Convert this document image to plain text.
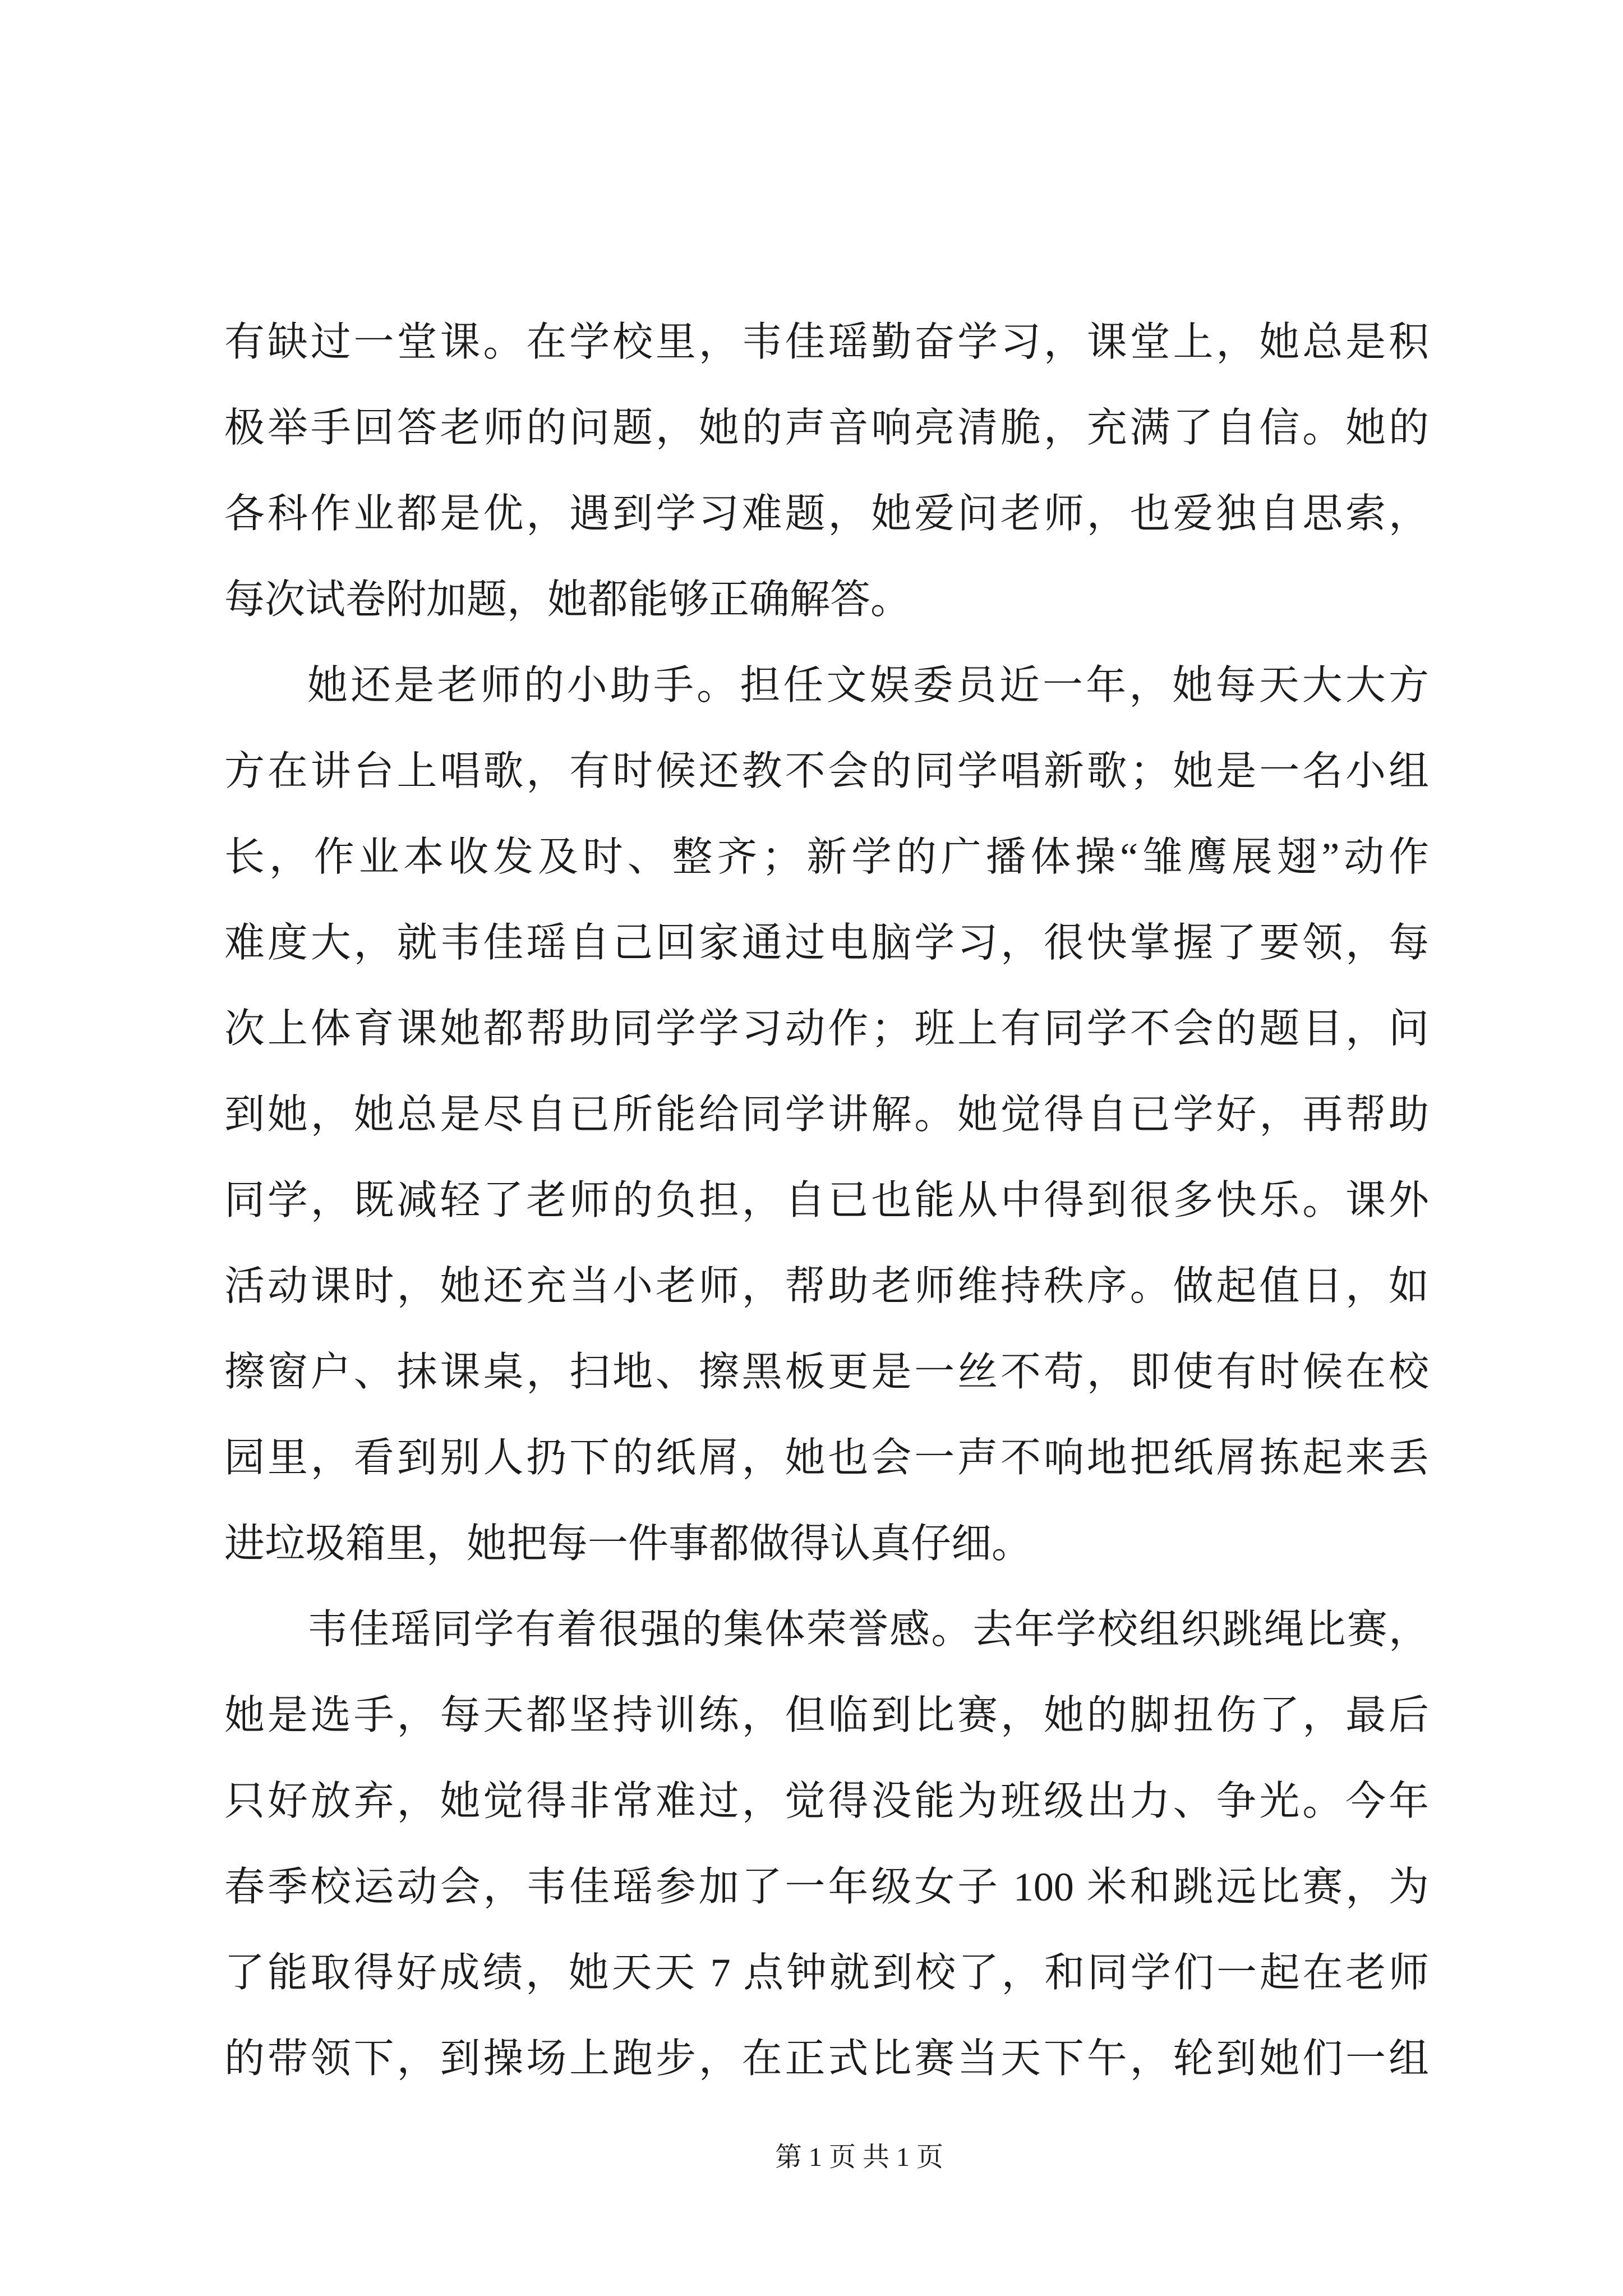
有缺过一堂课。在学校里，韦佳瑶勤奋学习，课堂上，她总是积
极举手回答老师的问题，她的声音响亮清脆，充满了自信。她的
各科作业都是优，遇到学习难题，她爱问老师，也爱独自思索，
每次试卷附加题，她都能够正确解答。
她还是老师的小助手。担任文娱委员近一年，她每天大大方
方在讲台上唱歌，有时候还教不会的同学唱新歌；她是一名小组
长，作业本收发及时、整齐；新学的广播体操“雏鹰展翅”动作
难度大，就韦佳瑶自己回家通过电脑学习，很快掌握了要领，每
次上体育课她都帮助同学学习动作；班上有同学不会的题目，问
到她，她总是尽自已所能给同学讲解。她觉得自已学好，再帮助
同学，既减轻了老师的负担，自已也能从中得到很多快乐。课外
活动课时，她还充当小老师，帮助老师维持秩序。做起值日，如
擦窗户、抹课桌，扫地、擦黑板更是一丝不苟，即使有时候在校
园里，看到别人扔下的纸屑，她也会一声不响地把纸屑拣起来丢
进垃圾箱里，她把每一件事都做得认真仔细。
韦佳瑶同学有着很强的集体荣誉感。去年学校组织跳绳比赛，
她是选手，每天都坚持训练，但临到比赛，她的脚扭伤了，最后
只好放弃，她觉得非常难过，觉得没能为班级出力、争光。今年
春季校运动会，韦佳瑶参加了一年级女子 100 米和跳远比赛，为
了能取得好成绩，她天天 7 点钟就到校了，和同学们一起在老师
的带领下，到操场上跑步，在正式比赛当天下午，轮到她们一组
第 1 页 共 1 页
